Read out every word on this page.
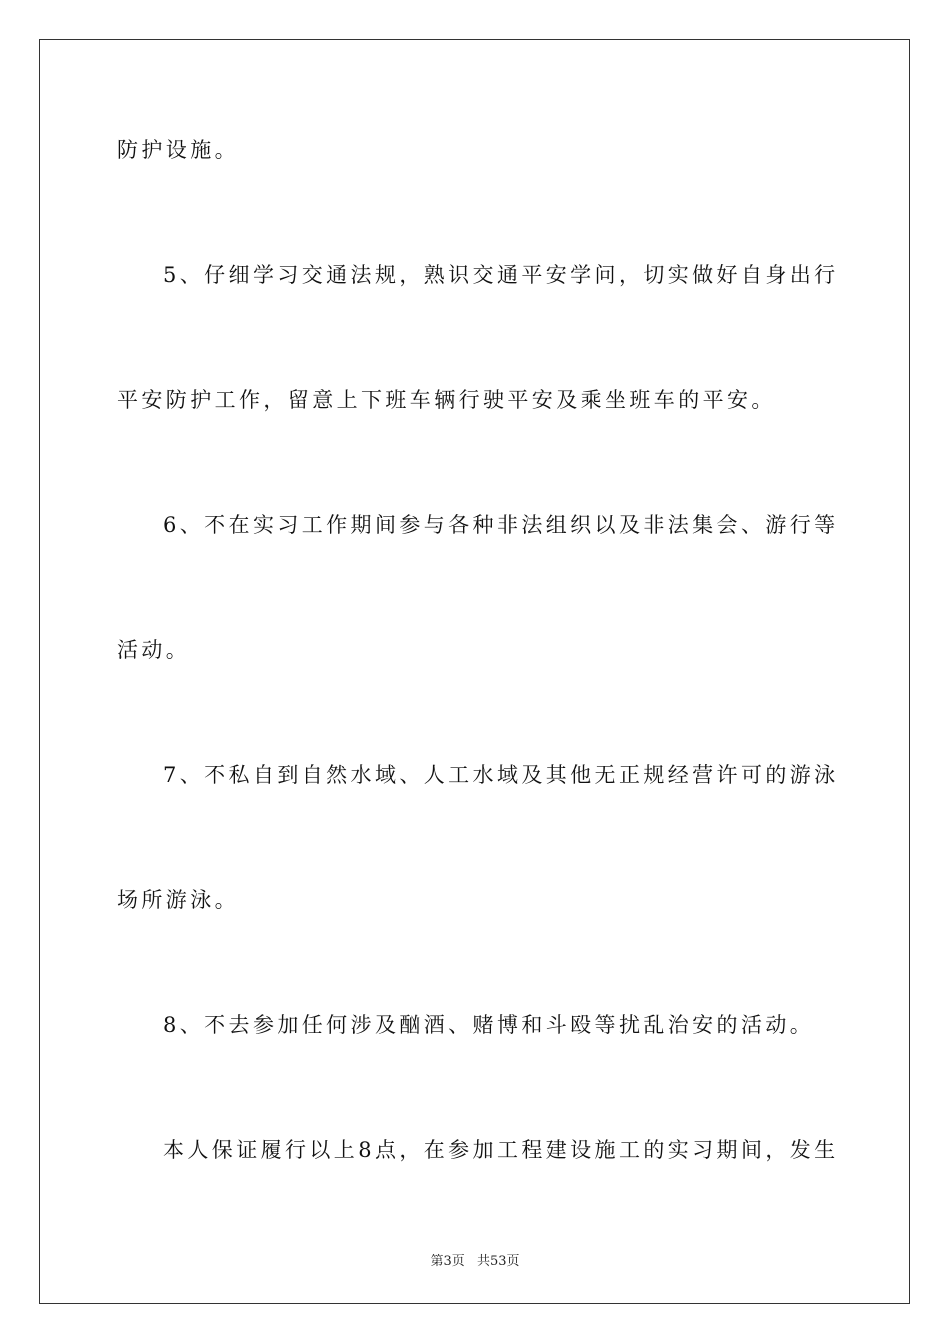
防护设施。
5、仔细学习交通法规，熟识交通平安学问，切实做好自身出行
平安防护工作，留意上下班车辆行驶平安及乘坐班车的平安。
6、不在实习工作期间参与各种非法组织以及非法集会、游行等
活动。
7、不私自到自然水域、人工水域及其他无正规经营许可的游泳
场所游泳。
8、不去参加任何涉及酗酒、赌博和斗殴等扰乱治安的活动。
本人保证履行以上8点，在参加工程建设施工的实习期间，发生
第3页 共53页
